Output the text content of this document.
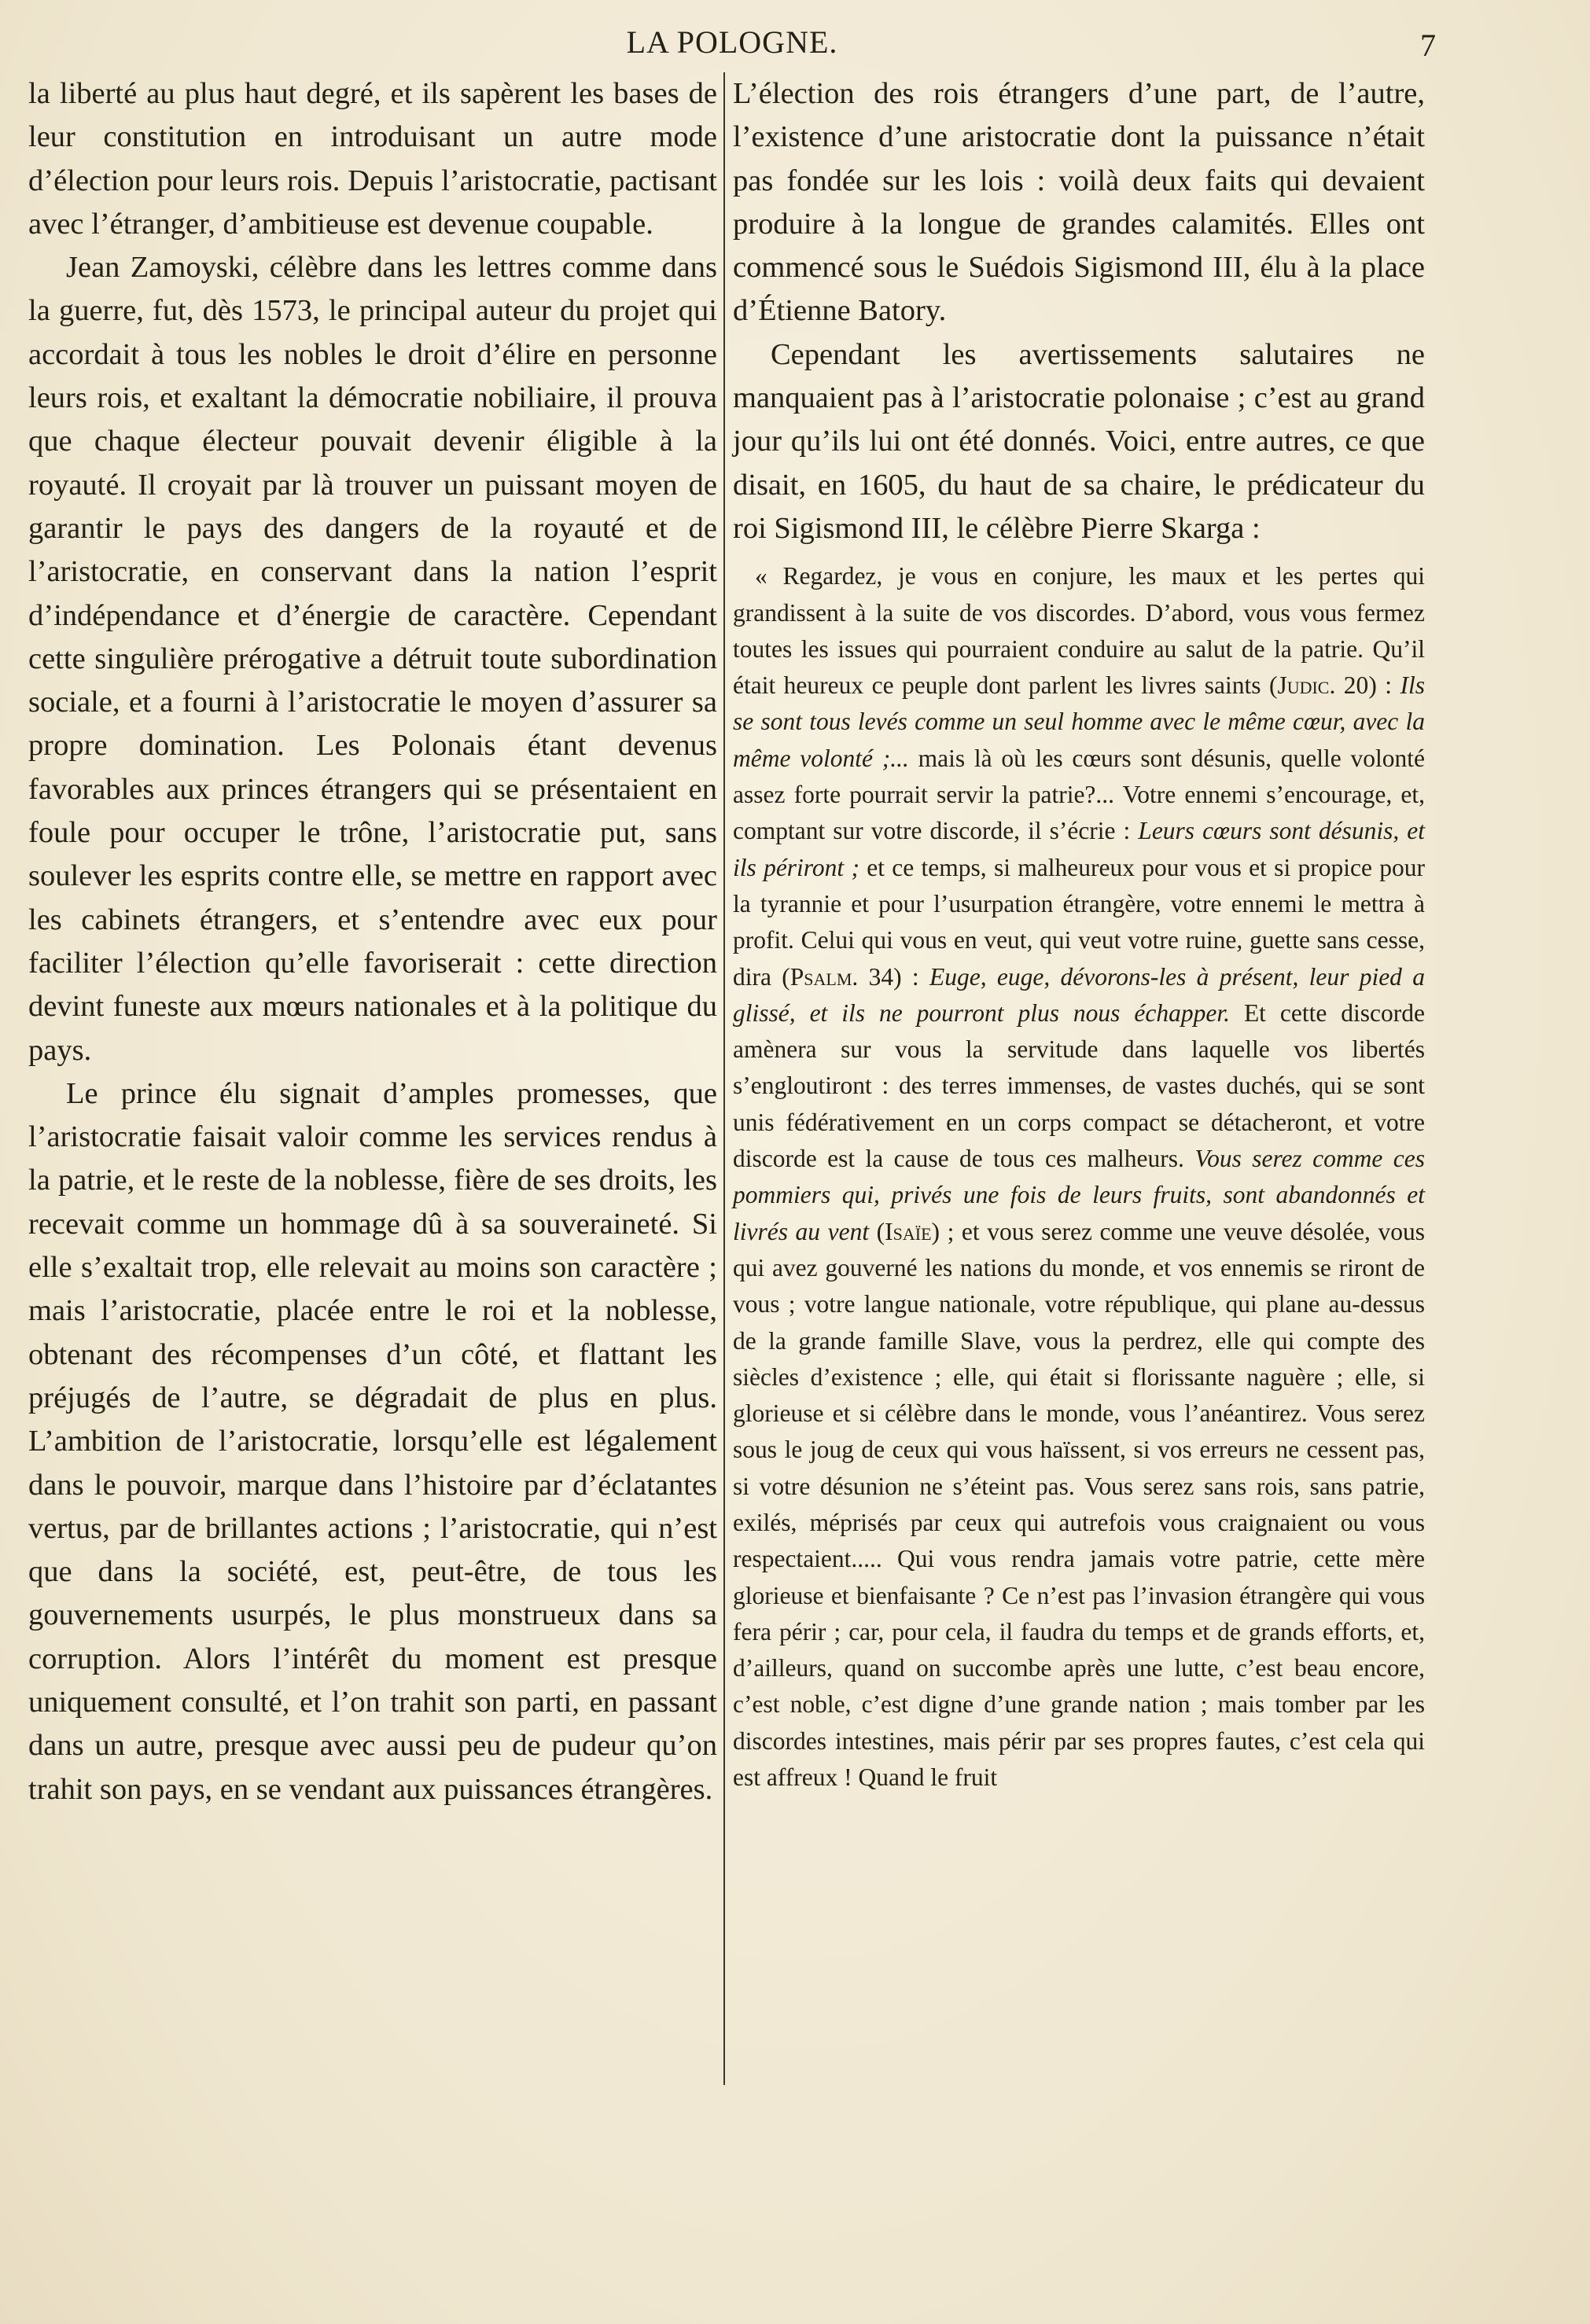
LA POLOGNE.	7

la liberté au plus haut degré, et ils sapèrent les bases de leur constitution en introduisant un autre mode d’élection pour leurs rois. Depuis l’aristocratie, pactisant avec l’étranger, d’ambitieuse est devenue coupable.

Jean Zamoyski, célèbre dans les lettres comme dans la guerre, fut, dès 1573, le principal auteur du projet qui accordait à tous les nobles le droit d’élire en personne leurs rois, et exaltant la démocratie nobiliaire, il prouva que chaque électeur pouvait devenir éligible à la royauté. Il croyait par là trouver un puissant moyen de garantir le pays des dangers de la royauté et de l’aristocratie, en conservant dans la nation l’esprit d’indépendance et d’énergie de caractère. Cependant cette singulière prérogative a détruit toute subordination sociale, et a fourni à l’aristocratie le moyen d’assurer sa propre domination. Les Polonais étant devenus favorables aux princes étrangers qui se présentaient en foule pour occuper le trône, l’aristocratie put, sans soulever les esprits contre elle, se mettre en rapport avec les cabinets étrangers, et s’entendre avec eux pour faciliter l’élection qu’elle favoriserait : cette direction devint funeste aux mœurs nationales et à la politique du pays.

Le prince élu signait d’amples promesses, que l’aristocratie faisait valoir comme les services rendus à la patrie, et le reste de la noblesse, fière de ses droits, les recevait comme un hommage dû à sa souveraineté. Si elle s’exaltait trop, elle relevait au moins son caractère ; mais l’aristocratie, placée entre le roi et la noblesse, obtenant des récompenses d’un côté, et flattant les préjugés de l’autre, se dégradait de plus en plus. L’ambition de l’aristocratie, lorsqu’elle est légalement dans le pouvoir, marque dans l’histoire par d’éclatantes vertus, par de brillantes actions ; l’aristocratie, qui n’est que dans la société, est, peut-être, de tous les gouvernements usurpés, le plus monstrueux dans sa corruption. Alors l’intérêt du moment est presque uniquement consulté, et l’on trahit son parti, en passant dans un autre, presque avec aussi peu de pudeur qu’on trahit son pays, en se vendant aux puissances étrangères.

L’élection des rois étrangers d’une part, de l’autre, l’existence d’une aristocratie dont la puissance n’était pas fondée sur les lois : voilà deux faits qui devaient produire à la longue de grandes calamités. Elles ont commencé sous le Suédois Sigismond III, élu à la place d’Étienne Batory.

Cependant les avertissements salutaires ne manquaient pas à l’aristocratie polonaise ; c’est au grand jour qu’ils lui ont été donnés. Voici, entre autres, ce que disait, en 1605, du haut de sa chaire, le prédicateur du roi Sigismond III, le célèbre Pierre Skarga :

« Regardez, je vous en conjure, les maux et les pertes qui grandissent à la suite de vos discordes. D’abord, vous vous fermez toutes les issues qui pourraient conduire au salut de la patrie. Qu’il était heureux ce peuple dont parlent les livres saints (Judic. 20) : Ils se sont tous levés comme un seul homme avec le même cœur, avec la même volonté ;... mais là où les cœurs sont désunis, quelle volonté assez forte pourrait servir la patrie?... Votre ennemi s’encourage, et, comptant sur votre discorde, il s’écrie : Leurs cœurs sont désunis, et ils périront ; et ce temps, si malheureux pour vous et si propice pour la tyrannie et pour l’usurpation étrangère, votre ennemi le mettra à profit. Celui qui vous en veut, qui veut votre ruine, guette sans cesse, dira (Psalm. 34) : Euge, euge, dévorons-les à présent, leur pied a glissé, et ils ne pourront plus nous échapper. Et cette discorde amènera sur vous la servitude dans laquelle vos libertés s’engloutiront : des terres immenses, de vastes duchés, qui se sont unis fédérativement en un corps compact se détacheront, et votre discorde est la cause de tous ces malheurs. Vous serez comme ces pommiers qui, privés une fois de leurs fruits, sont abandonnés et livrés au vent (Isaïe) ; et vous serez comme une veuve désolée, vous qui avez gouverné les nations du monde, et vos ennemis se riront de vous ; votre langue nationale, votre république, qui plane au-dessus de la grande famille Slave, vous la perdrez, elle qui compte des siècles d’existence ; elle, qui était si florissante naguère ; elle, si glorieuse et si célèbre dans le monde, vous l’anéantirez. Vous serez sous le joug de ceux qui vous haïssent, si vos erreurs ne cessent pas, si votre désunion ne s’éteint pas. Vous serez sans rois, sans patrie, exilés, méprisés par ceux qui autrefois vous craignaient ou vous respectaient..... Qui vous rendra jamais votre patrie, cette mère glorieuse et bienfaisante ? Ce n’est pas l’invasion étrangère qui vous fera périr ; car, pour cela, il faudra du temps et de grands efforts, et, d’ailleurs, quand on succombe après une lutte, c’est beau encore, c’est noble, c’est digne d’une grande nation ; mais tomber par les discordes intestines, mais périr par ses propres fautes, c’est cela qui est affreux ! Quand le fruit
